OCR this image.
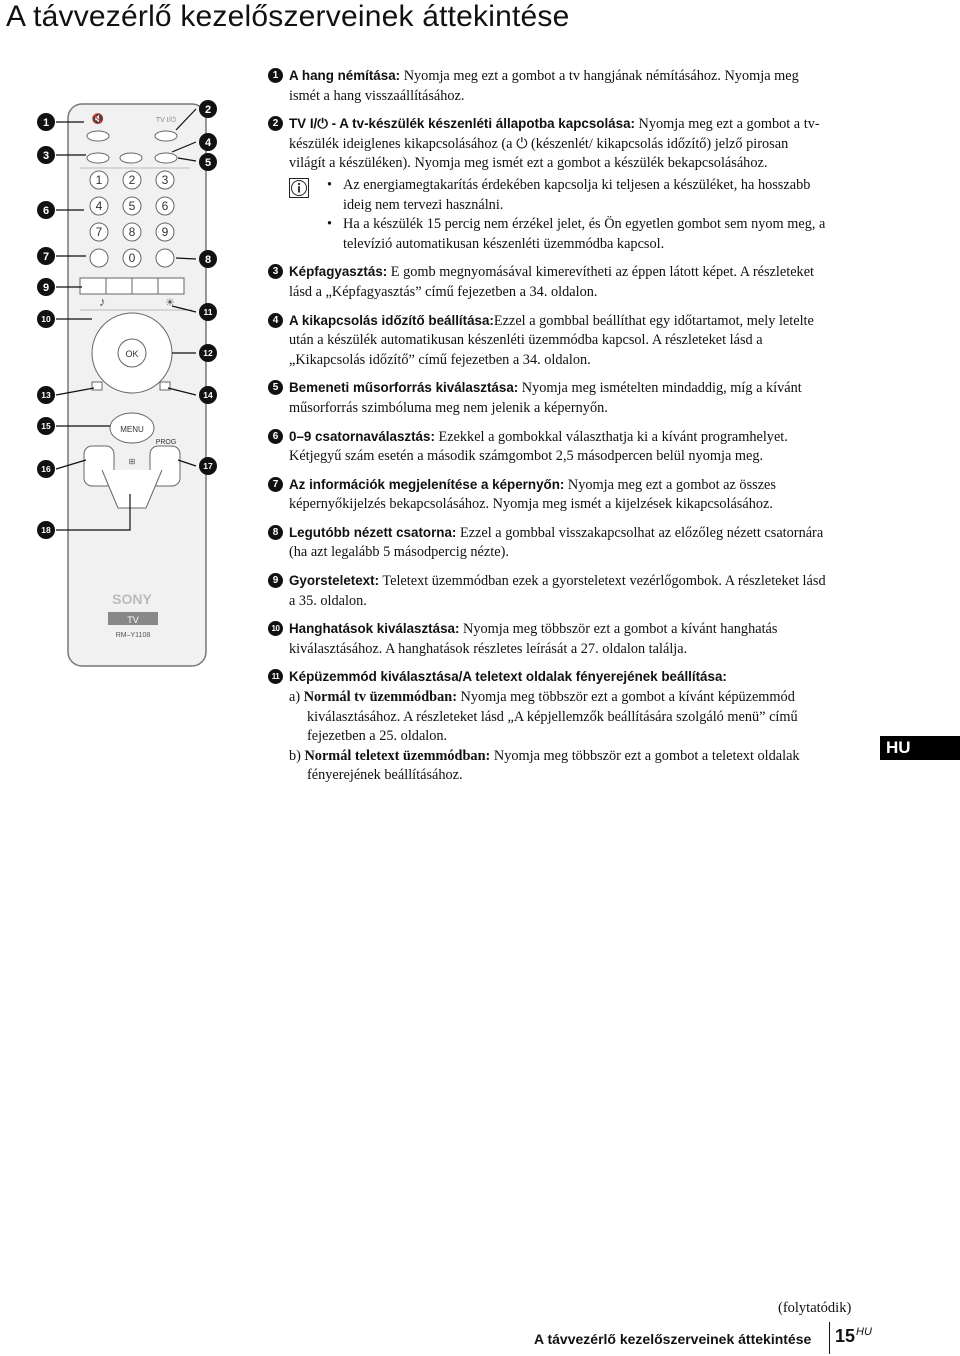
A távvezérlő kezelőszerveinek áttekintése
🔇	TV I/⏻
1 2 3
4 5 6
7 8 9
0
♪	☀
OK
MENU
PROG
⊞
SONY
TV
RM–Y1108
1
2
3
4
5
6
7	8
9
10
11
12
13	14
15
16	17
18
1 A hang némítása: Nyomja meg ezt a gombot a tv hangjának némításához. Nyomja meg ismét a hang visszaállításához.
2 TV I/⏻ - A tv-készülék készenléti állapotba kapcsolása: Nyomja meg ezt a gombot a tv-készülék ideiglenes kikapcsolásához (a ⏻ (készenlét/ kikapcsolás időzítő) jelző pirosan világít a készüléken). Nyomja meg ismét ezt a gombot a készülék bekapcsolásához.
• Az energiamegtakarítás érdekében kapcsolja ki teljesen a készüléket, ha hosszabb ideig nem tervezi használni.
• Ha a készülék 15 percig nem érzékel jelet, és Ön egyetlen gombot sem nyom meg, a televízió automatikusan készenléti üzemmódba kapcsol.
3 Képfagyasztás: E gomb megnyomásával kimerevítheti az éppen látott képet. A részleteket lásd a „Képfagyasztás” című fejezetben a 34. oldalon.
4 A kikapcsolás időzítő beállítása:Ezzel a gombbal beállíthat egy időtartamot, mely letelte után a készülék automatikusan készenléti üzemmódba kapcsol. A részleteket lásd a „Kikapcsolás időzítő” című fejezetben a 34. oldalon.
5 Bemeneti műsorforrás kiválasztása: Nyomja meg ismételten mindaddig, míg a kívánt műsorforrás szimbóluma meg nem jelenik a képernyőn.
6 0–9 csatornaválasztás: Ezekkel a gombokkal választhatja ki a kívánt programhelyet. Kétjegyű szám esetén a második számgombot 2,5 másodpercen belül nyomja meg.
7 Az információk megjelenítése a képernyőn: Nyomja meg ezt a gombot az összes képernyőkijelzés bekapcsolásához. Nyomja meg ismét a kijelzések kikapcsolásához.
8 Legutóbb nézett csatorna: Ezzel a gombbal visszakapcsolhat az előzőleg nézett csatornára (ha azt legalább 5 másodpercig nézte).
9 Gyorsteletext: Teletext üzemmódban ezek a gyorsteletext vezérlőgombok. A részleteket lásd a 35. oldalon.
10 Hanghatások kiválasztása: Nyomja meg többször ezt a gombot a kívánt hanghatás kiválasztásához. A hanghatások részletes leírását a 27. oldalon találja.
11 Képüzemmód kiválasztása/A teletext oldalak fényerejének beállítása:
a) Normál tv üzemmódban: Nyomja meg többször ezt a gombot a kívánt képüzemmód kiválasztásához. A részleteket lásd „A képjellemzők beállítására szolgáló menü” című fejezetben a 25. oldalon.
b) Normál teletext üzemmódban: Nyomja meg többször ezt a gombot a teletext oldalak fényerejének beállításához.
HU
(folytatódik)
A távvezérlő kezelőszerveinek áttekintése 15 HU
